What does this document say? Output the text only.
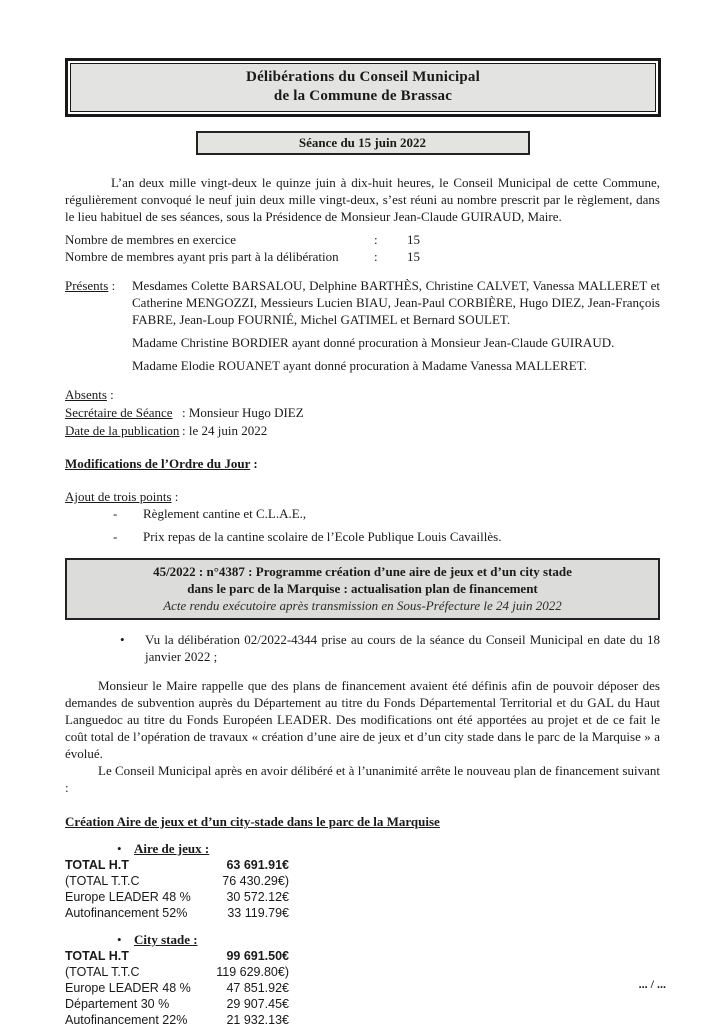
Délibérations du Conseil Municipal
de la Commune de Brassac
Séance du 15 juin 2022

L’an deux mille vingt-deux le quinze juin à dix-huit heures, le Conseil Municipal de cette Commune, régulièrement convoqué le neuf juin deux mille vingt-deux, s’est réuni au nombre prescrit par le règlement, dans le lieu habituel de ses séances, sous la Présidence de Monsieur Jean-Claude GUIRAUD, Maire.

Nombre de membres en exercice	:	15
Nombre de membres ayant pris part à la délibération	:	15
Présents :	Mesdames Colette BARSALOU, Delphine BARTHÈS, Christine CALVET, Vanessa MALLERET et Catherine MENGOZZI, Messieurs Lucien BIAU, Jean-Paul CORBIÈRE, Hugo DIEZ, Jean-François FABRE, Jean-Loup FOURNIÉ, Michel GATIMEL et Bernard SOULET.

Madame Christine BORDIER ayant donné procuration à Monsieur Jean-Claude GUIRAUD.

Madame Elodie ROUANET ayant donné procuration à Madame Vanessa MALLERET.

Absents :

Secrétaire de Séance : Monsieur Hugo DIEZ
Date de la publication : le 24 juin 2022

Modifications de l’Ordre du Jour :

Ajout de trois points :

-	Règlement cantine et C.L.A.E.,
-	Prix repas de la cantine scolaire de l’Ecole Publique Louis Cavaillès.
45/2022 : n°4387 : Programme création d’une aire de jeux et d’un city stade
dans le parc de la Marquise : actualisation plan de financement
Acte rendu exécutoire après transmission en Sous-Préfecture le 24 juin 2022
•	Vu la délibération 02/2022-4344 prise au cours de la séance du Conseil Municipal en date du 18 janvier 2022 ;

Monsieur le Maire rappelle que des plans de financement avaient été définis afin de pouvoir déposer des demandes de subvention auprès du Département au titre du Fonds Départemental Territorial et du GAL du Haut Languedoc au titre du Fonds Européen LEADER. Des modifications ont été apportées au projet et de ce fait le coût total de l’opération de travaux « création d’une aire de jeux et d’un city stade dans le parc de la Marquise » a évolué.

Le Conseil Municipal après en avoir délibéré et à l’unanimité arrête le nouveau plan de financement suivant :

Création Aire de jeux et d’un city-stade dans le parc de la Marquise

• Aire de jeux :
TOTAL H.T	63 691.91€
(TOTAL T.T.C	76 430.29€)
Europe LEADER 48 %	30 572.12€
Autofinancement 52%	33 119.79€
• City stade :
TOTAL H.T	99 691.50€
(TOTAL T.T.C	119 629.80€)
Europe LEADER 48 %	47 851.92€
Département 30 %	29 907.45€
Autofinancement 22%	21 932.13€
... / ...
